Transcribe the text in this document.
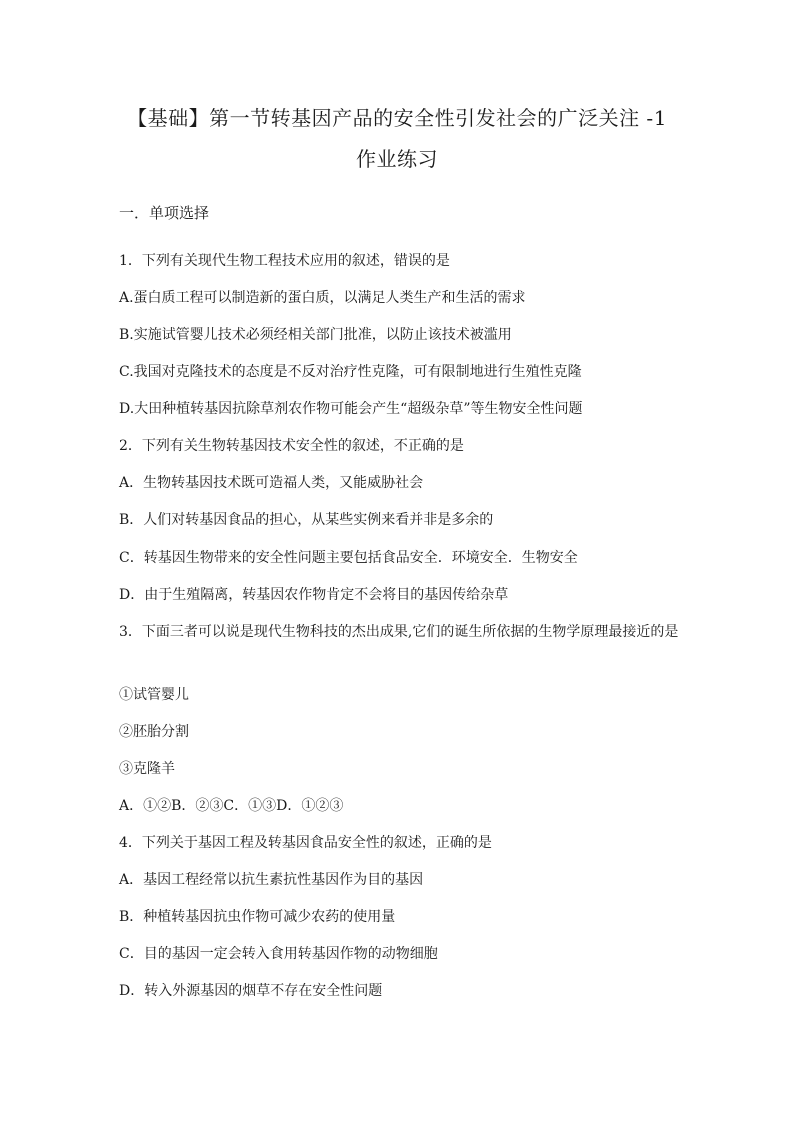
【基础】第一节转基因产品的安全性引发社会的广泛关注 -1
作业练习
一．单项选择
1．下列有关现代生物工程技术应用的叙述，错误的是
A.蛋白质工程可以制造新的蛋白质，以满足人类生产和生活的需求
B.实施试管婴儿技术必须经相关部门批准，以防止该技术被滥用
C.我国对克隆技术的态度是不反对治疗性克隆，可有限制地进行生殖性克隆
D.大田种植转基因抗除草剂农作物可能会产生“超级杂草”等生物安全性问题
2．下列有关生物转基因技术安全性的叙述，不正确的是
A．生物转基因技术既可造福人类，又能威胁社会
B．人们对转基因食品的担心，从某些实例来看并非是多余的
C．转基因生物带来的安全性问题主要包括食品安全．环境安全．生物安全
D．由于生殖隔离，转基因农作物肯定不会将目的基因传给杂草
3．下面三者可以说是现代生物科技的杰出成果,它们的诞生所依据的生物学原理最接近的是
①试管婴儿
②胚胎分割
③克隆羊
A．①②B．②③C．①③D．①②③
4．下列关于基因工程及转基因食品安全性的叙述，正确的是
A．基因工程经常以抗生素抗性基因作为目的基因
B．种植转基因抗虫作物可减少农药的使用量
C．目的基因一定会转入食用转基因作物的动物细胞
D．转入外源基因的烟草不存在安全性问题
